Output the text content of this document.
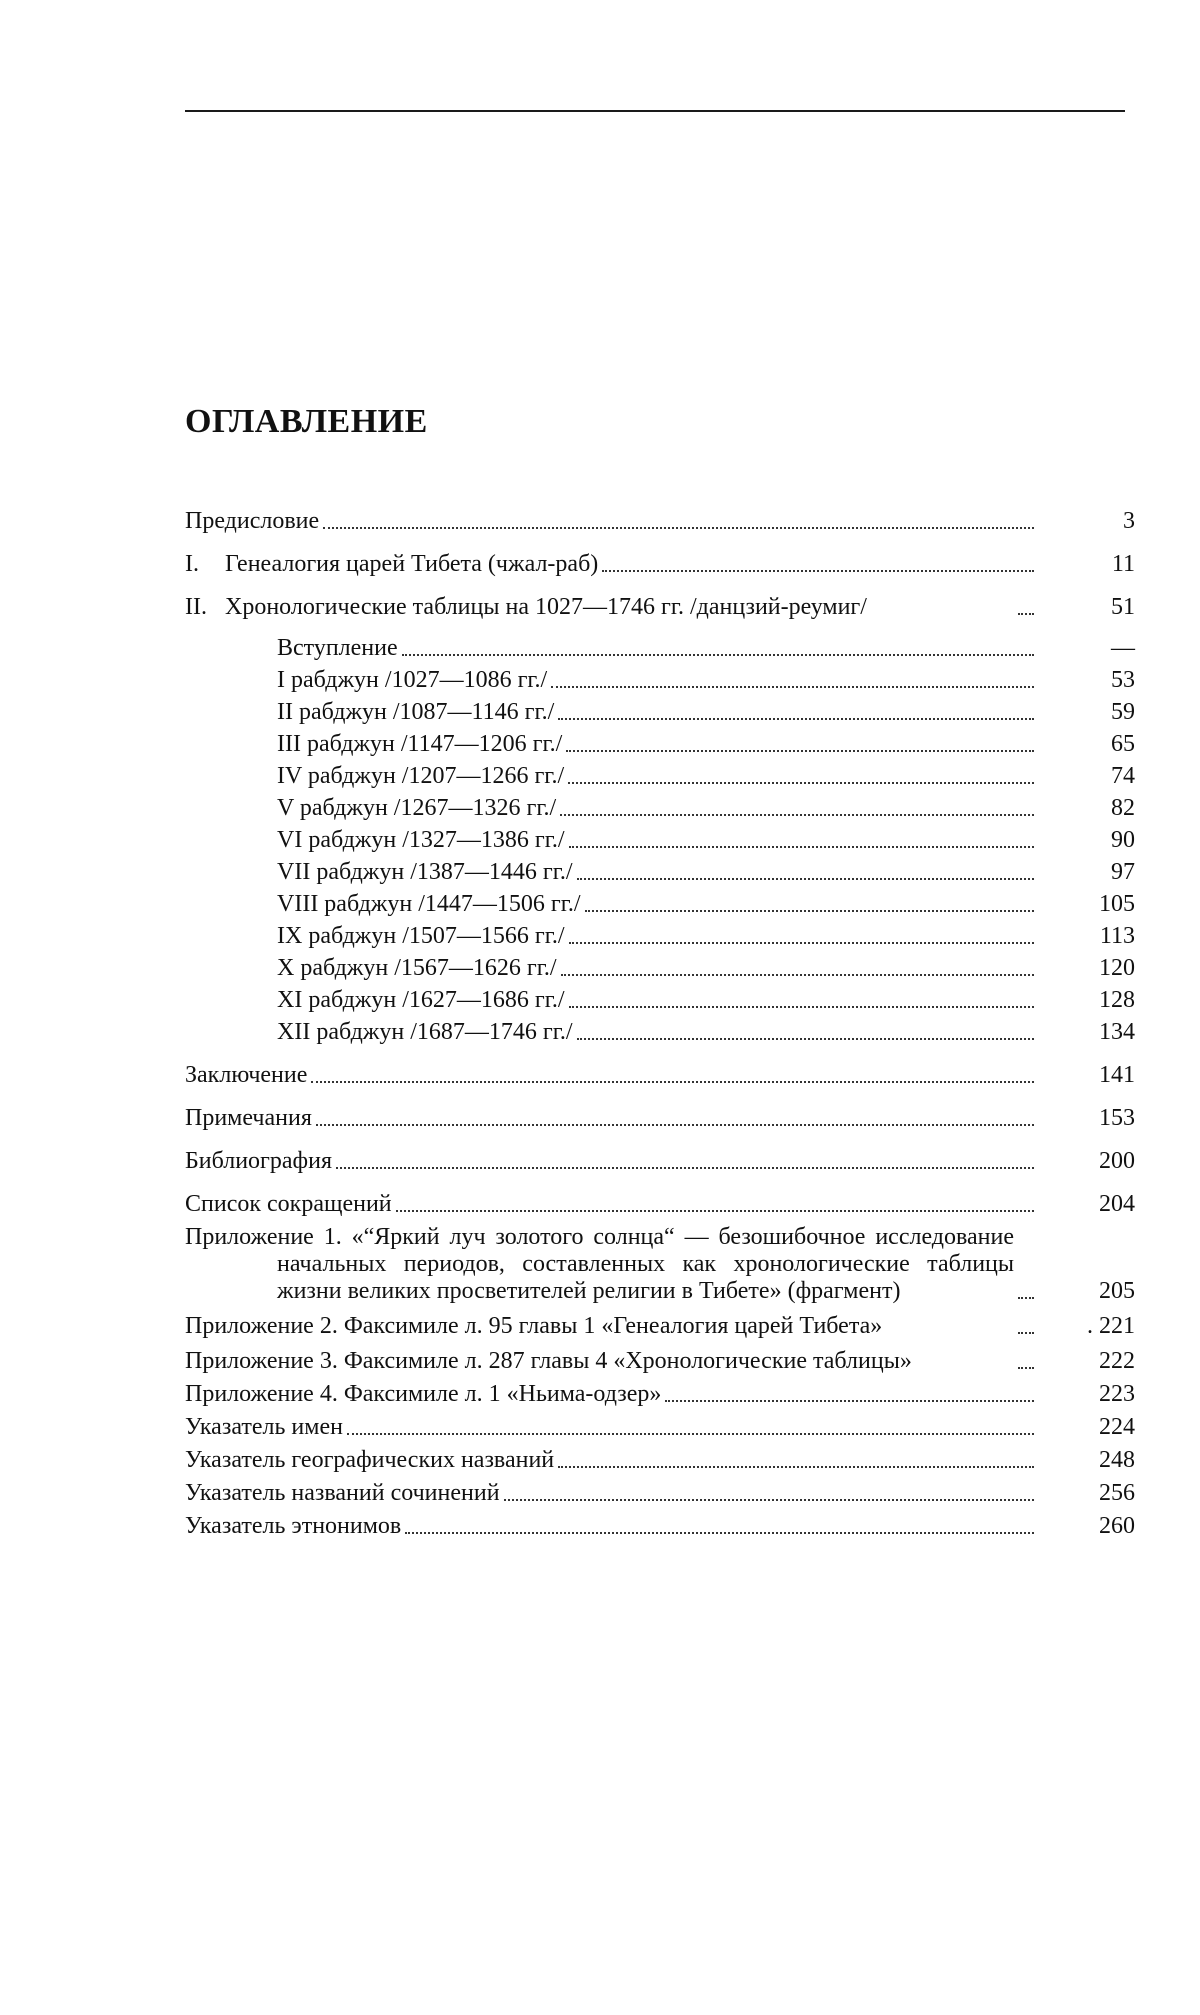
ОГЛАВЛЕНИЕ
Предисловие	3
I.	Генеалогия царей Тибета (чжал-раб)	11
II. Хронологические таблицы на 1027—1746 гг. /данцзий-реумиг/	51
Вступление	—
I рабджун /1027—1086 гг./	53
II рабджун /1087—1146 гг./	59
III рабджун /1147—1206 гг./	65
IV рабджун /1207—1266 гг./	74
V рабджун /1267—1326 гг./	82
VI рабджун /1327—1386 гг./	90
VII рабджун /1387—1446 гг./	97
VIII рабджун /1447—1506 гг./	105
IX рабджун /1507—1566 гг./	113
X рабджун /1567—1626 гг./	120
XI рабджун /1627—1686 гг./	128
XII рабджун /1687—1746 гг./	134
Заключение	141
Примечания	153
Библиография	200
Список сокращений	204
Приложение 1. «“Яркий луч золотого солнца“ — безошибочное исследование начальных периодов, составленных как хронологические таблицы жизни великих просветителей религии в Тибете» (фрагмент)	205
Приложение 2. Факсимиле л. 95 главы 1 «Генеалогия царей Тибета»	. 221
Приложение 3. Факсимиле л. 287 главы 4 «Хронологические таблицы»	222
Приложение 4. Факсимиле л. 1 «Ньима-одзер»	223
Указатель имен	224
Указатель географических названий	248
Указатель названий сочинений	256
Указатель этнонимов	260
